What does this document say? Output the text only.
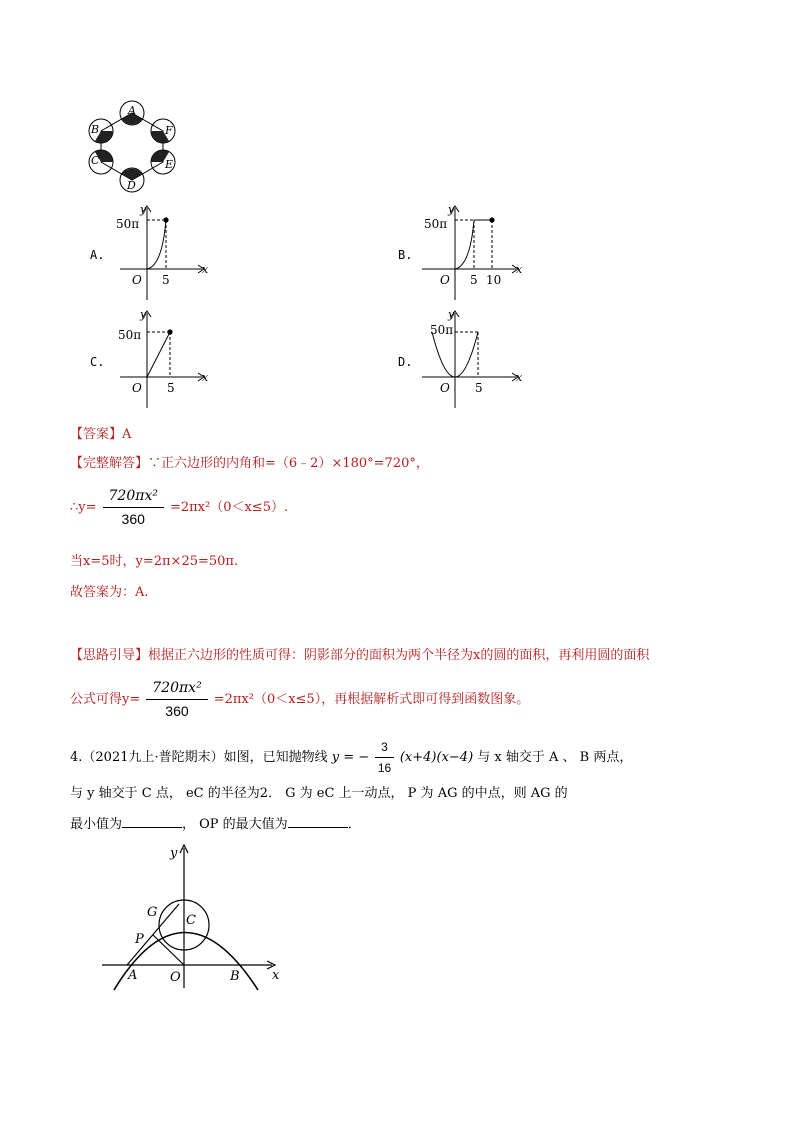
A
B
C
D
E
F
A.
y
50π
5
O
x
B.
y
50π
5 10
O
x
C.
y
50π
5
O
x
D.
y
50π
5
O
x
【答案】A
【完整解答】∵正六边形的内角和=（6﹣2）×180°=720°，
∴y= $\frac{\text{720πx²}}{360} =2\pi x^2(0<x\le 5)$.
当x=5时，y=2π×25=50π.
故答案为：A.
【思路引导】根据正六边形的性质可得：阴影部分的面积为两个半径为x的圆的面积，再利用圆的面积
公式可得$y= \frac{\text{720πx²}}{360} =2\pi x^2(0<x\le 5)$，再根据解析式即可得到函数图象。
4.（2021九上·普陀期末）如图，已知抛物线 y = − $\frac{3}{16} (x+4)(x-4)$ 与 x 轴交于 A 、 B 两点，
与 y 轴交于 C 点， eC 的半径为2． G 为 eC 上一动点， P 为 AG 的中点，则 AG 的
最小值为	， OP 的最大值为	．
y
x
G
C
P
A	O	B
